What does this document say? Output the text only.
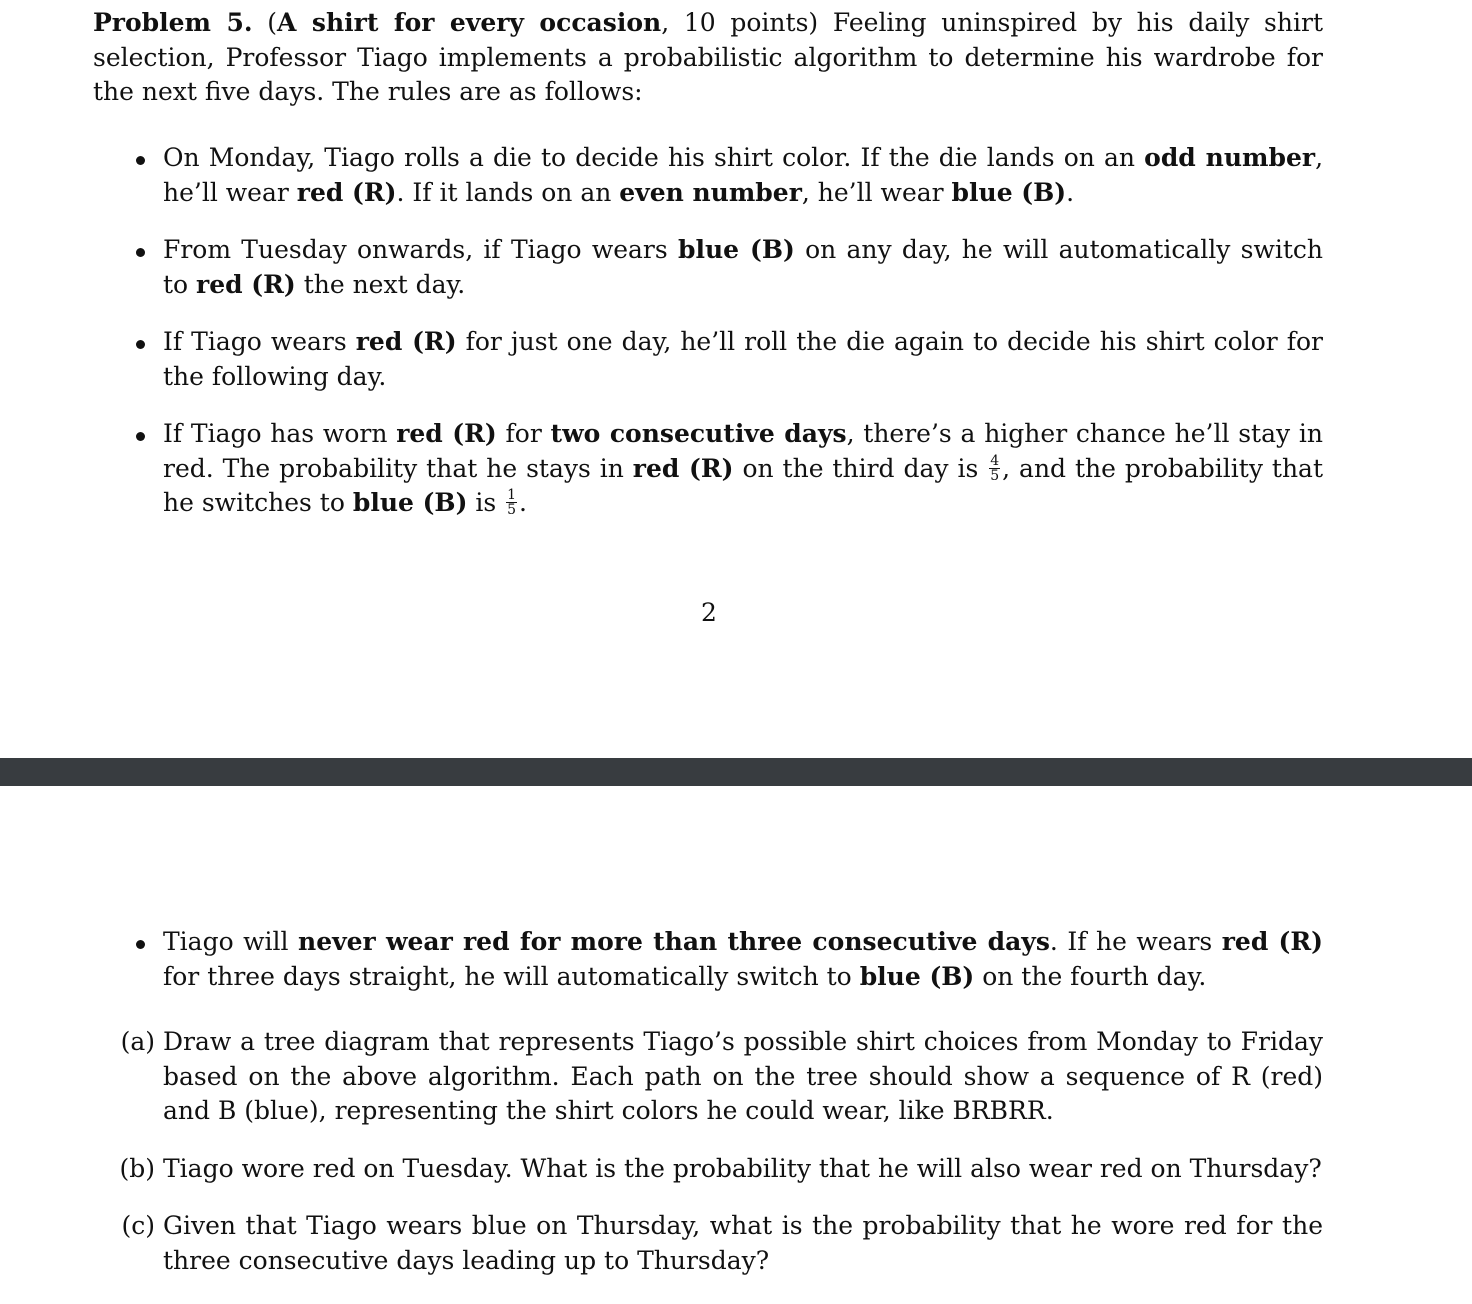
Problem 5. (A shirt for every occasion, 10 points) Feeling uninspired by his daily shirt selection, Professor Tiago implements a probabilistic algorithm to determine his wardrobe for the next five days. The rules are as follows:

On Monday, Tiago rolls a die to decide his shirt color. If the die lands on an odd number, he’ll wear red (R). If it lands on an even number, he’ll wear blue (B).
From Tuesday onwards, if Tiago wears blue (B) on any day, he will automatically switch to red (R) the next day.
If Tiago wears red (R) for just one day, he’ll roll the die again to decide his shirt color for the following day.
If Tiago has worn red (R) for two consecutive days, there’s a higher chance he’ll stay in red. The probability that he stays in red (R) on the third day is $\frac{4}{5}$ , and the probability that he switches to blue (B) is $\frac{1}{5}$ .
2
Tiago will never wear red for more than three consecutive days. If he wears red (R) for three days straight, he will automatically switch to blue (B) on the fourth day.
(a) Draw a tree diagram that represents Tiago’s possible shirt choices from Monday to Friday based on the above algorithm. Each path on the tree should show a sequence of R (red) and B (blue), representing the shirt colors he could wear, like BRBRR.
(b) Tiago wore red on Tuesday. What is the probability that he will also wear red on Thursday?
(c) Given that Tiago wears blue on Thursday, what is the probability that he wore red for the three consecutive days leading up to Thursday?
